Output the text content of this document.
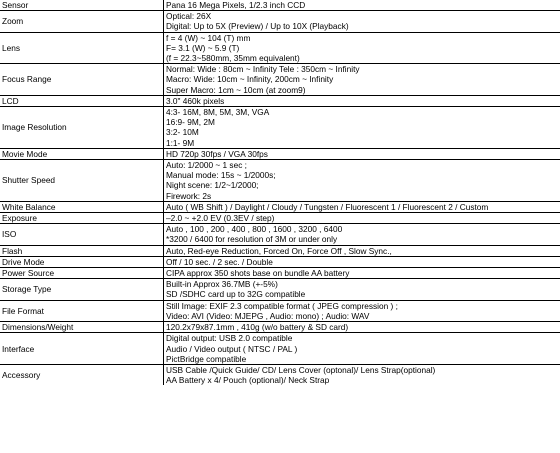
Sensor	Pana 16 Mega Pixels, 1/2.3 inch CCD

Zoom	Optical: 26X
Digital: Up to 5X (Preview) / Up to 10X (Playback)

Lens	f = 4 (W) ~ 104 (T) mm
F= 3.1 (W) ~ 5.9 (T)
(f = 22.3~580mm, 35mm equivalent)

Focus Range	Normal: Wide : 80cm ~ Infinity Tele : 350cm ~ Infinity
Macro: Wide: 10cm ~ Infinity, 200cm ~ Infinity
Super Macro: 1cm ~ 10cm (at zoom9)

LCD	3.0" 460k pixels

Image Resolution	4:3- 16M, 8M, 5M, 3M, VGA
16:9- 9M, 2M
3:2- 10M
1:1- 9M

Movie Mode	HD 720p 30fps / VGA 30fps

Shutter Speed	Auto: 1/2000 ~ 1 sec ;
Manual mode: 15s ~ 1/2000s;
Night scene: 1/2~1/2000;
Firework: 2s

White Balance	Auto ( WB Shift ) / Daylight / Cloudy / Tungsten / Fluorescent 1 / Fluorescent 2 / Custom

Exposure	–2.0 ~ +2.0 EV (0.3EV / step)

ISO	Auto , 100 , 200 , 400 , 800 , 1600 , 3200 , 6400
*3200 / 6400 for resolution of 3M or under only

Flash	Auto, Red-eye Reduction, Forced On, Force Off , Slow Sync.,

Drive Mode	Off / 10 sec. / 2 sec. / Double

Power Source	CIPA approx 350 shots base on bundle AA battery

Storage Type	Built-in Approx 36.7MB (+-5%)
SD /SDHC card up to 32G compatible

File Format	Still Image: EXIF 2.3 compatible format ( JPEG compression ) ;
Video: AVI (Video: MJEPG , Audio: mono) ; Audio: WAV

Dimensions/Weight	120.2x79x87.1mm , 410g (w/o battery & SD card)

Interface	Digital output: USB 2.0 compatible
Audio / Video output ( NTSC / PAL )
PictBridge compatible

Accessory	USB Cable /Quick Guide/ CD/ Lens Cover (optonal)/ Lens Strap(optional)
AA Battery x 4/ Pouch (optional)/ Neck Strap
